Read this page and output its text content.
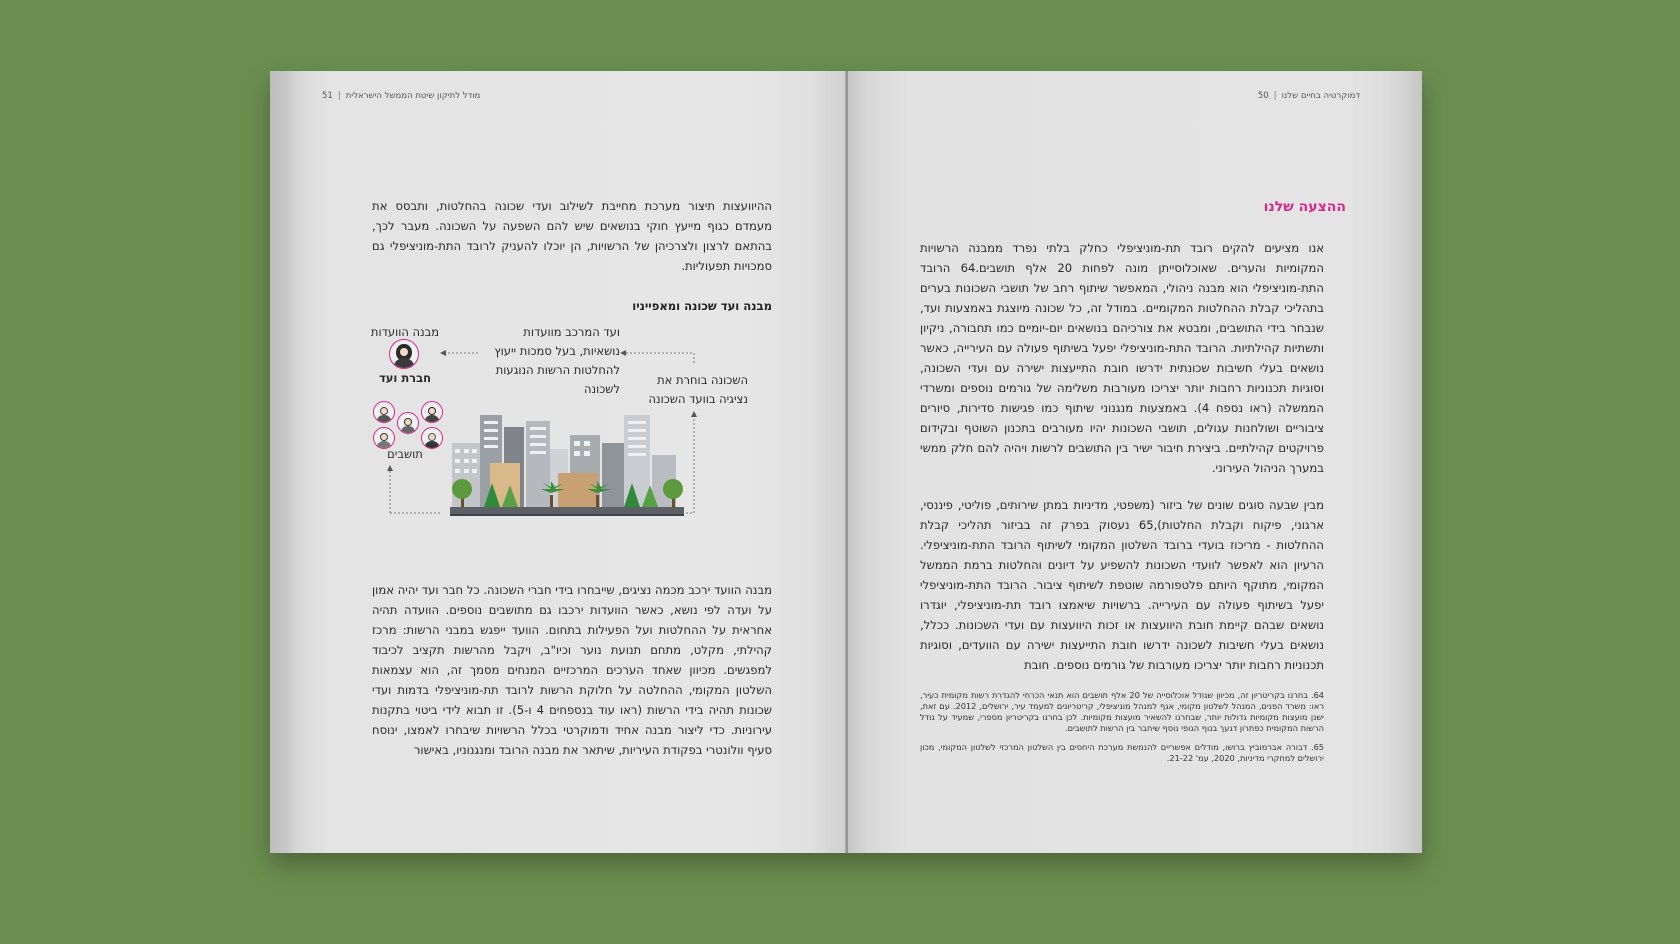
מודל לתיקון שיטת הממשל הישראלית
|
51
ההיוועצות תיצור מערכת מחייבת לשילוב ועדי שכונה בהחלטות, ותבסס את מעמדם כגוף מייעץ חוקי בנושאים שיש להם השפעה על השכונה. מעבר לכך, בהתאם לרצון ולצרכיהן של הרשויות, הן יוכלו להעניק לרובד התת-מוניציפלי גם סמכויות תפעוליות.
מבנה ועד שכונה ומאפייניו
מבנה הוועדות
חברת ועד
תושבים
ועד המרכב מוועדות נושאיות, בעל סמכות ייעוץ להחלטות הרשות הנוגעות לשכונה
השכונה בוחרת את נציגיה בוועד השכונה
מבנה הוועד ירכב מכמה נציגים, שייבחרו בידי חברי השכונה. כל חבר ועד יהיה אמון על ועדה לפי נושא, כאשר הוועדות ירכבו גם מתושבים נוספים. הוועדה תהיה אחראית על ההחלטות ועל הפעילות בתחום. הוועד ייפגש במבני הרשות: מרכז קהילתי, מקלט, מתחם תנועת נוער וכיו"ב, ויקבל מהרשות תקציב לכיבוד למפגשים. מכיוון שאחד הערכים המרכזיים המנחים מסמך זה, הוא עצמאות השלטון המקומי, ההחלטה על חלוקת הרשות לרובד תת-מוניציפלי בדמות ועדי שכונות תהיה בידי הרשות (ראו עוד בנספחים 4 ו-5). זו תבוא לידי ביטוי בתקנות עירוניות. כדי ליצור מבנה אחיד ודמוקרטי בכלל הרשויות שיבחרו לאמצו, ינוסח סעיף וולונטרי בפקודת העיריות, שיתאר את מבנה הרובד ומנגנוניו, באישור
דמוקרטיה בחיים שלנו
|
50
ההצעה שלנו
אנו מציעים להקים רובד תת-מוניציפלי כחלק בלתי נפרד ממבנה הרשויות המקומיות והערים. שאוכלוסייתן מונה לפחות 20 אלף תושבים.64 הרובד התת-מוניציפלי הוא מבנה ניהולי, המאפשר שיתוף רחב של תושבי השכונות בערים בתהליכי קבלת ההחלטות המקומיים. במודל זה, כל שכונה מיוצגת באמצעות ועד, שנבחר בידי התושבים, ומבטא את צורכיהם בנושאים יום-יומיים כמו תחבורה, ניקיון ותשתיות קהילתיות. הרובד התת-מוניציפלי יפעל בשיתוף פעולה עם העירייה, כאשר נושאים בעלי חשיבות שכונתית ידרשו חובת התייעצות ישירה עם ועדי השכונה, וסוגיות תכנוניות רחבות יותר יצריכו מעורבות משלימה של גורמים נוספים ומשרדי הממשלה (ראו נספח 4). באמצעות מנגנוני שיתוף כמו פגישות סדירות, סיורים ציבוריים ושולחנות עגולים, תושבי השכונות יהיו מעורבים בתכנון השוטף ובקידום פרויקטים קהילתיים. ביצירת חיבור ישיר בין התושבים לרשות ויהיה להם חלק ממשי במערך הניהול העירוני.
מבין שבעה סוגים שונים של ביזור (משפטי, מדיניות במתן שירותים, פוליטי, פיננסי, ארגוני, פיקוח וקבלת החלטות),65 נעסוק בפרק זה בביזור תהליכי קבלת ההחלטות - מריכוז בועדי ברובד השלטון המקומי לשיתוף הרובד התת-מוניציפלי. הרעיון הוא לאפשר לוועדי השכונות להשפיע על דיונים והחלטות ברמת הממשל המקומי, מתוקף היותם פלטפורמה שוטפת לשיתוף ציבור. הרובד התת-מוניציפלי יפעל בשיתוף פעולה עם העירייה. ברשויות שיאמצו רובד תת-מוניציפלי, יוגדרו נושאים שבהם קיימת חובת היוועצות או זכות היוועצות עם ועדי השכונות. ככלל, נושאים בעלי חשיבות לשכונה ידרשו חובת התייעצות ישירה עם הוועדים, וסוגיות תכנוניות רחבות יותר יצריכו מעורבות של גורמים נוספים. חובת
64. בחרנו בקריטריון זה, מכיוון שגודל אוכלוסייה של 20 אלף תושבים הוא תנאי הכרחי להגדרת רשות מקומית כעיר, ראו: משרד הפנים, המנהל לשלטון מקומי, אגף למנהל מוניציפלי, קריטריונים למעמד עיר, ירושלים, 2012. עם זאת, ישנן מועצות מקומיות גדולות יותר, שבחרנו להשאיר מועצות מקומיות. לכן בחרנו בקריטריון מספרי, שמעיד על גודל הרשות המקומית כפתרון דגעך בנוף הגופי נוסף שיחבר בין הרשות לתושבים.
65. דבורה אברמוביץ ברושו, מודלים אפשריים להנמשת מערכת היחסים בין השלטון המרכזי לשלטון המקומי, מכון ירושלים למחקרי מדיניות, 2020, עמ' 21-22.
